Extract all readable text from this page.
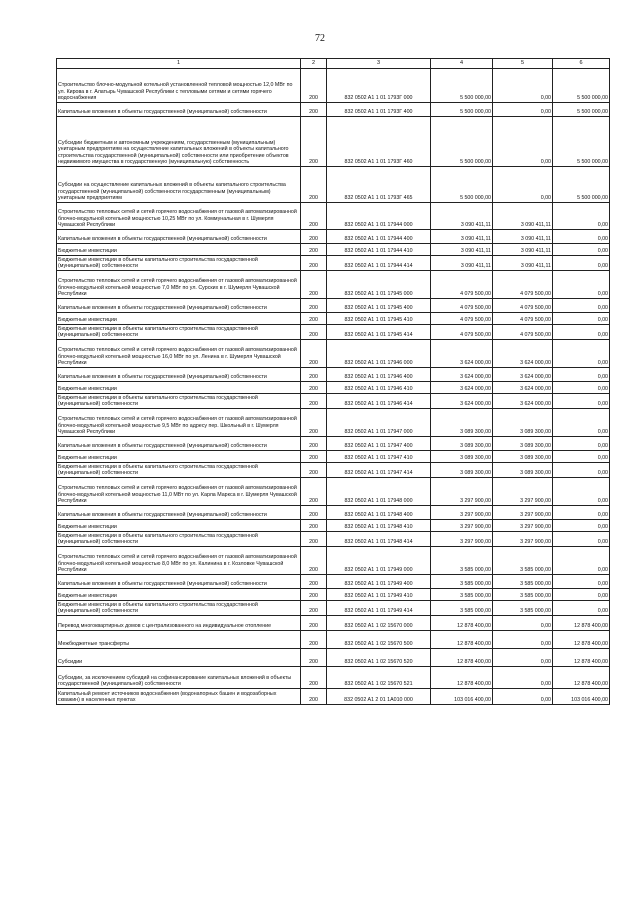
72
1	2	3	4	5	6
Строительство блочно-модульной котельной установленной тепловой мощностью 12,0 МВт по ул. Кирова в г. Алатырь Чувашской Республики с тепловыми сетями и сетями горячего водоснабжения	200	832 0502 A1 1 01 1793Г 000	5 500 000,00	0,00	5 500 000,00
Капитальные вложения в объекты государственной (муниципальной) собственности	200	832 0502 A1 1 01 1793Г 400	5 500 000,00	0,00	5 500 000,00
Субсидии бюджетным и автономным учреждениям, государственным (муниципальным) унитарным предприятиям на осуществление капитальных вложений в объекты капитального строительства государственной (муниципальной) собственности или приобретение объектов недвижимого имущества в государственную (муниципальную) собственность	200	832 0502 A1 1 01 1793Г 460	5 500 000,00	0,00	5 500 000,00
Субсидии на осуществление капитальных вложений в объекты капитального строительства государственной (муниципальной) собственности государственным (муниципальным) унитарным предприятиям	200	832 0502 A1 1 01 1793Г 465	5 500 000,00	0,00	5 500 000,00
Строительство тепловых сетей и сетей горячего водоснабжения от газовой автоматизированной блочно-модульной котельной мощностью 10,25 МВт по ул. Коммунальная в г. Шумерля Чувашской Республики	200	832 0502 A1 1 01 17944 000	3 090 411,11	3 090 411,11	0,00
Капитальные вложения в объекты государственной (муниципальной) собственности	200	832 0502 A1 1 01 17944 400	3 090 411,11	3 090 411,11	0,00
Бюджетные инвестиции	200	832 0502 A1 1 01 17944 410	3 090 411,11	3 090 411,11	0,00
Бюджетные инвестиции в объекты капитального строительства государственной (муниципальной) собственности	200	832 0502 A1 1 01 17944 414	3 090 411,11	3 090 411,11	0,00
Строительство тепловых сетей и сетей горячего водоснабжения от газовой автоматизированной блочно-модульной котельной мощностью 7,0 МВт по ул. Сурских в г. Шумерля Чувашской Республики	200	832 0502 A1 1 01 17945 000	4 079 500,00	4 079 500,00	0,00
Капитальные вложения в объекты государственной (муниципальной) собственности	200	832 0502 A1 1 01 17945 400	4 079 500,00	4 079 500,00	0,00
Бюджетные инвестиции	200	832 0502 A1 1 01 17945 410	4 079 500,00	4 079 500,00	0,00
Бюджетные инвестиции в объекты капитального строительства государственной (муниципальной) собственности	200	832 0502 A1 1 01 17945 414	4 079 500,00	4 079 500,00	0,00
Строительство тепловых сетей и сетей горячего водоснабжения от газовой автоматизированной блочно-модульной котельной мощностью 16,0 МВт по ул. Ленина в г. Шумерля Чувашской Республики	200	832 0502 A1 1 01 17946 000	3 624 000,00	3 624 000,00	0,00
Капитальные вложения в объекты государственной (муниципальной) собственности	200	832 0502 A1 1 01 17946 400	3 624 000,00	3 624 000,00	0,00
Бюджетные инвестиции	200	832 0502 A1 1 01 17946 410	3 624 000,00	3 624 000,00	0,00
Бюджетные инвестиции в объекты капитального строительства государственной (муниципальной) собственности	200	832 0502 A1 1 01 17946 414	3 624 000,00	3 624 000,00	0,00
Строительство тепловых сетей и сетей горячего водоснабжения от газовой автоматизированной блочно-модульной котельной мощностью 9,5 МВт по адресу пер. Школьный в г. Шумерля Чувашской Республики	200	832 0502 A1 1 01 17947 000	3 089 300,00	3 089 300,00	0,00
Капитальные вложения в объекты государственной (муниципальной) собственности	200	832 0502 A1 1 01 17947 400	3 089 300,00	3 089 300,00	0,00
Бюджетные инвестиции	200	832 0502 A1 1 01 17947 410	3 089 300,00	3 089 300,00	0,00
Бюджетные инвестиции в объекты капитального строительства государственной (муниципальной) собственности	200	832 0502 A1 1 01 17947 414	3 089 300,00	3 089 300,00	0,00
Строительство тепловых сетей и сетей горячего водоснабжения от газовой автоматизированной блочно-модульной котельной мощностью 11,0 МВт по ул. Карла Маркса в г. Шумерля Чувашской Республики	200	832 0502 A1 1 01 17948 000	3 297 900,00	3 297 900,00	0,00
Капитальные вложения в объекты государственной (муниципальной) собственности	200	832 0502 A1 1 01 17948 400	3 297 900,00	3 297 900,00	0,00
Бюджетные инвестиции	200	832 0502 A1 1 01 17948 410	3 297 900,00	3 297 900,00	0,00
Бюджетные инвестиции в объекты капитального строительства государственной (муниципальной) собственности	200	832 0502 A1 1 01 17948 414	3 297 900,00	3 297 900,00	0,00
Строительство тепловых сетей и сетей горячего водоснабжения от газовой автоматизированной блочно-модульной котельной мощностью 8,0 МВт по ул. Калинина в г. Козловке Чувашской Республики	200	832 0502 A1 1 01 17949 000	3 585 000,00	3 585 000,00	0,00
Капитальные вложения в объекты государственной (муниципальной) собственности	200	832 0502 A1 1 01 17949 400	3 585 000,00	3 585 000,00	0,00
Бюджетные инвестиции	200	832 0502 A1 1 01 17949 410	3 585 000,00	3 585 000,00	0,00
Бюджетные инвестиции в объекты капитального строительства государственной (муниципальной) собственности	200	832 0502 A1 1 01 17949 414	3 585 000,00	3 585 000,00	0,00
Перевод многоквартирных домов с централизованного на индивидуальное отопление	200	832 0502 A1 1 02 15670 000	12 878 400,00	0,00	12 878 400,00
Межбюджетные трансферты	200	832 0502 A1 1 02 15670 500	12 878 400,00	0,00	12 878 400,00
Субсидии	200	832 0502 A1 1 02 15670 520	12 878 400,00	0,00	12 878 400,00
Субсидии, за исключением субсидий на софинансирование капитальных вложений в объекты государственной (муниципальной) собственности	200	832 0502 A1 1 02 15670 521	12 878 400,00	0,00	12 878 400,00
Капитальный ремонт источников водоснабжения (водонапорных башен и водозаборных скважин) в населенных пунктах	200	832 0502 A1 2 01 1A010 000	103 016 400,00	0,00	103 016 400,00
